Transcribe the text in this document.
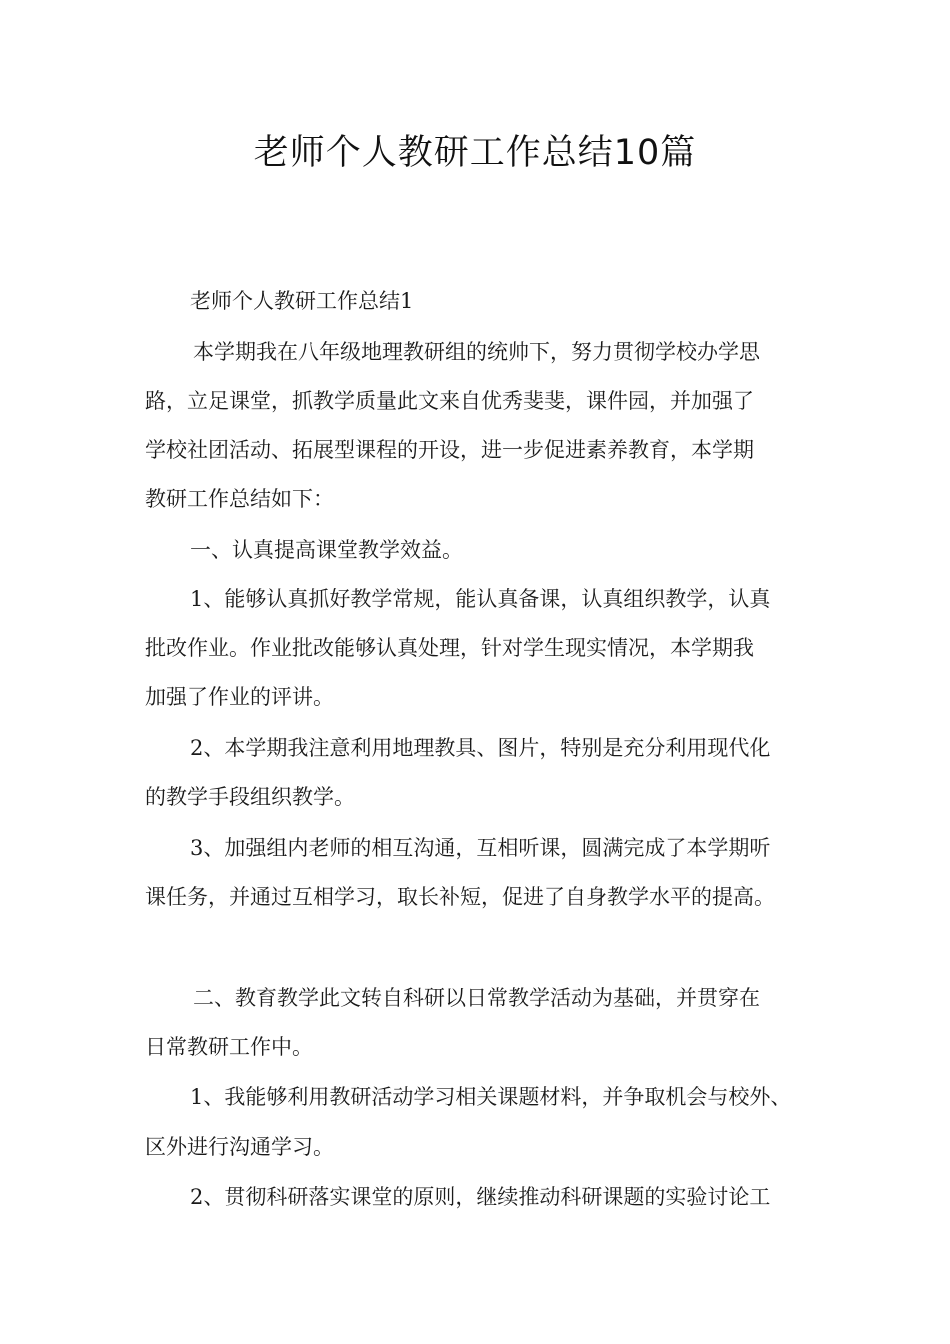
老师个人教研工作总结10篇

老师个人教研工作总结1

本学期我在八年级地理教研组的统帅下，努力贯彻学校办学思

路，立足课堂，抓教学质量此文来自优秀斐斐，课件园，并加强了

学校社团活动、拓展型课程的开设，进一步促进素养教育，本学期

教研工作总结如下：

一、认真提高课堂教学效益。

1、能够认真抓好教学常规，能认真备课，认真组织教学，认真

批改作业。作业批改能够认真处理，针对学生现实情况，本学期我

加强了作业的评讲。

2、本学期我注意利用地理教具、图片，特别是充分利用现代化

的教学手段组织教学。

3、加强组内老师的相互沟通，互相听课，圆满完成了本学期听

课任务，并通过互相学习，取长补短，促进了自身教学水平的提高。

二、教育教学此文转自科研以日常教学活动为基础，并贯穿在

日常教研工作中。

1、我能够利用教研活动学习相关课题材料，并争取机会与校外、

区外进行沟通学习。

2、贯彻科研落实课堂的原则，继续推动科研课题的实验讨论工
